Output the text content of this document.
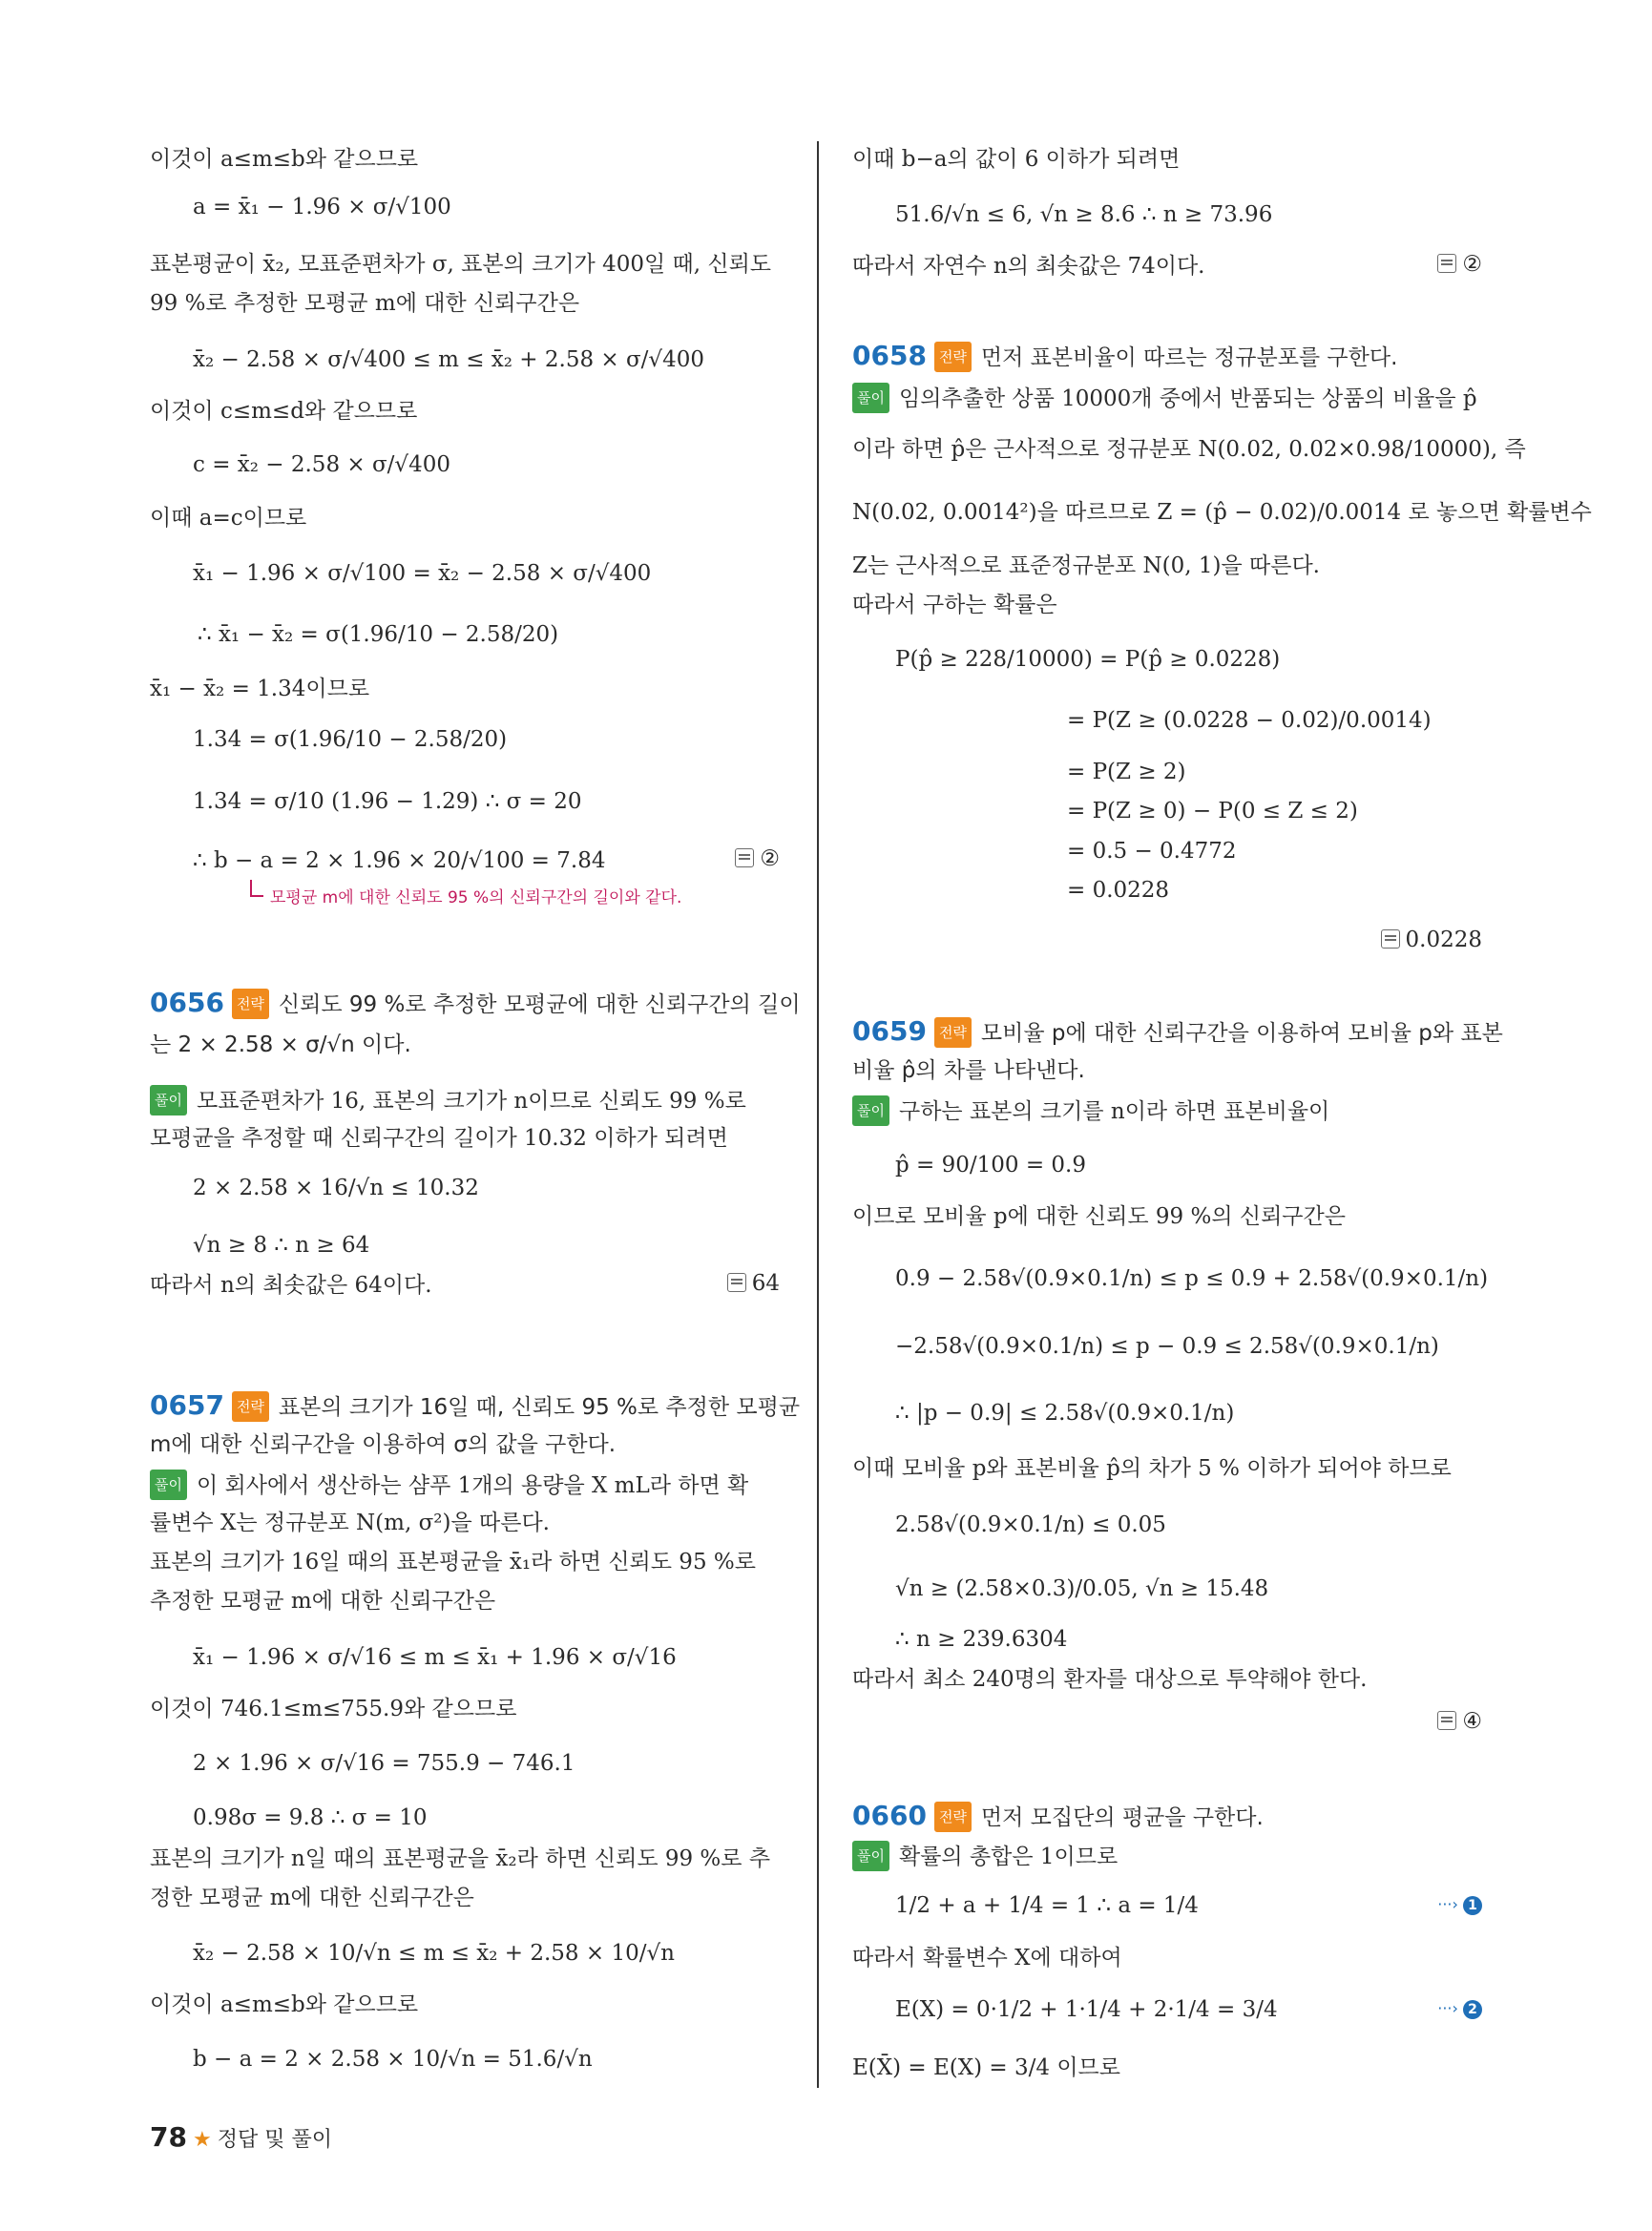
이것이 a≤m≤b와 같으므로
a = x̄₁ − 1.96 × σ/√100
표본평균이 x̄₂, 모표준편차가 σ, 표본의 크기가 400일 때, 신뢰도
99 %로 추정한 모평균 m에 대한 신뢰구간은
x̄₂ − 2.58 × σ/√400 ≤ m ≤ x̄₂ + 2.58 × σ/√400
이것이 c≤m≤d와 같으므로
c = x̄₂ − 2.58 × σ/√400
이때 a=c이므로
x̄₁ − 1.96 × σ/√100 = x̄₂ − 2.58 × σ/√400
∴ x̄₁ − x̄₂ = σ(1.96/10 − 2.58/20)
x̄₁ − x̄₂ = 1.34이므로
1.34 = σ(1.96/10 − 2.58/20)
1.34 = σ/10 (1.96 − 1.29) ∴ σ = 20
∴ b − a = 2 × 1.96 × 20/√100 = 7.84	②
모평균 m에 대한 신뢰도 95 %의 신뢰구간의 길이와 같다.
0656 전략 신뢰도 99 %로 추정한 모평균에 대한 신뢰구간의 길이
는 2 × 2.58 × σ/√n 이다.
풀이 모표준편차가 16, 표본의 크기가 n이므로 신뢰도 99 %로
모평균을 추정할 때 신뢰구간의 길이가 10.32 이하가 되려면
2 × 2.58 × 16/√n ≤ 10.32
√n ≥ 8 ∴ n ≥ 64
따라서 n의 최솟값은 64이다.	64
0657 전략 표본의 크기가 16일 때, 신뢰도 95 %로 추정한 모평균
m에 대한 신뢰구간을 이용하여 σ의 값을 구한다.
풀이 이 회사에서 생산하는 샴푸 1개의 용량을 X mL라 하면 확
률변수 X는 정규분포 N(m, σ²)을 따른다.
표본의 크기가 16일 때의 표본평균을 x̄₁라 하면 신뢰도 95 %로
추정한 모평균 m에 대한 신뢰구간은
x̄₁ − 1.96 × σ/√16 ≤ m ≤ x̄₁ + 1.96 × σ/√16
이것이 746.1≤m≤755.9와 같으므로
2 × 1.96 × σ/√16 = 755.9 − 746.1
0.98σ = 9.8 ∴ σ = 10
표본의 크기가 n일 때의 표본평균을 x̄₂라 하면 신뢰도 99 %로 추
정한 모평균 m에 대한 신뢰구간은
x̄₂ − 2.58 × 10/√n ≤ m ≤ x̄₂ + 2.58 × 10/√n
이것이 a≤m≤b와 같으므로
b − a = 2 × 2.58 × 10/√n = 51.6/√n
이때 b−a의 값이 6 이하가 되려면
51.6/√n ≤ 6, √n ≥ 8.6 ∴ n ≥ 73.96
따라서 자연수 n의 최솟값은 74이다.	②
0658 전략 먼저 표본비율이 따르는 정규분포를 구한다.
풀이 임의추출한 상품 10000개 중에서 반품되는 상품의 비율을 p̂
이라 하면 p̂은 근사적으로 정규분포 N(0.02, 0.02×0.98/10000), 즉
N(0.02, 0.0014²)을 따르므로 Z = (p̂ − 0.02)/0.0014 로 놓으면 확률변수
Z는 근사적으로 표준정규분포 N(0, 1)을 따른다.
따라서 구하는 확률은
P(p̂ ≥ 228/10000) = P(p̂ ≥ 0.0228)
= P(Z ≥ (0.0228 − 0.02)/0.0014)
= P(Z ≥ 2)
= P(Z ≥ 0) − P(0 ≤ Z ≤ 2)
= 0.5 − 0.4772
= 0.0228
0.0228
0659 전략 모비율 p에 대한 신뢰구간을 이용하여 모비율 p와 표본
비율 p̂의 차를 나타낸다.
풀이 구하는 표본의 크기를 n이라 하면 표본비율이
p̂ = 90/100 = 0.9
이므로 모비율 p에 대한 신뢰도 99 %의 신뢰구간은
0.9 − 2.58√(0.9×0.1/n) ≤ p ≤ 0.9 + 2.58√(0.9×0.1/n)
−2.58√(0.9×0.1/n) ≤ p − 0.9 ≤ 2.58√(0.9×0.1/n)
∴ |p − 0.9| ≤ 2.58√(0.9×0.1/n)
이때 모비율 p와 표본비율 p̂의 차가 5 % 이하가 되어야 하므로
2.58√(0.9×0.1/n) ≤ 0.05
√n ≥ (2.58×0.3)/0.05, √n ≥ 15.48
∴ n ≥ 239.6304
따라서 최소 240명의 환자를 대상으로 투약해야 한다.
④
0660 전략 먼저 모집단의 평균을 구한다.
풀이 확률의 총합은 1이므로
1/2 + a + 1/4 = 1 ∴ a = 1/4	···› 1
따라서 확률변수 X에 대하여
E(X) = 0·1/2 + 1·1/4 + 2·1/4 = 3/4	···› 2
E(X̄) = E(X) = 3/4 이므로
78 ★ 정답 및 풀이
